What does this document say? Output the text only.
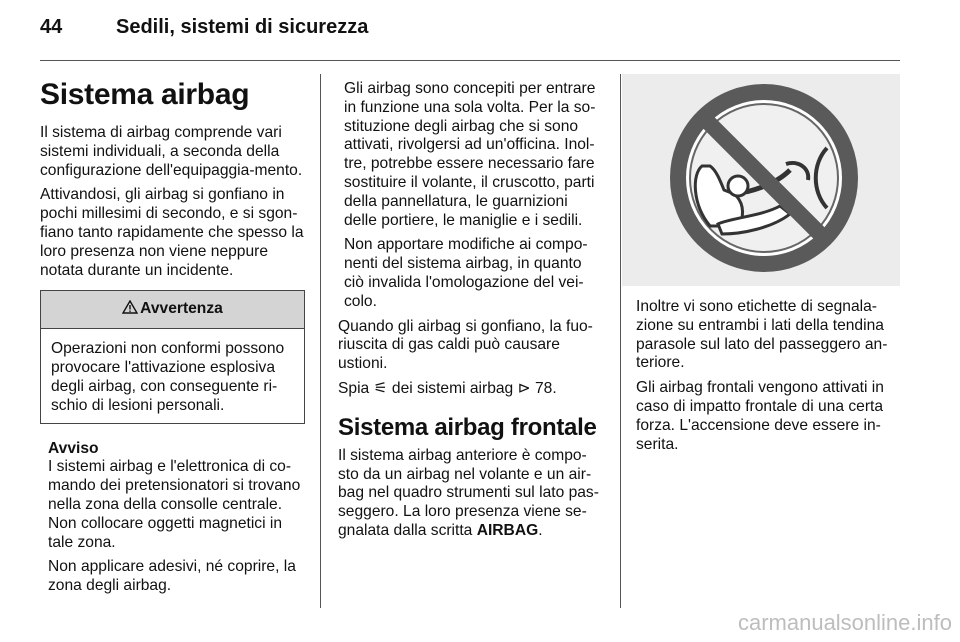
44	Sedili, sistemi di sicurezza
Sistema airbag

Il sistema di airbag comprende vari sistemi individuali, a seconda della configurazione dell'equipaggia-mento.

Attivandosi, gli airbag si gonfiano in pochi millesimi di secondo, e si sgon-fiano tanto rapidamente che spesso la loro presenza non viene neppure notata durante un incidente.

Avvertenza
Operazioni non conformi possono provocare l'attivazione esplosiva degli airbag, con conseguente ri-schio di lesioni personali.
Avviso

I sistemi airbag e l'elettronica di co-mando dei pretensionatori si trovano nella zona della consolle centrale. Non collocare oggetti magnetici in tale zona.

Non applicare adesivi, né coprire, la zona degli airbag.

Gli airbag sono concepiti per entrare in funzione una sola volta. Per la so-stituzione degli airbag che si sono attivati, rivolgersi ad un'officina. Inol-tre, potrebbe essere necessario fare sostituire il volante, il cruscotto, parti della pannellatura, le guarnizioni delle portiere, le maniglie e i sedili.

Non apportare modifiche ai compo-nenti del sistema airbag, in quanto ciò invalida l'omologazione del vei-colo.

Quando gli airbag si gonfiano, la fuo-riuscita di gas caldi può causare ustioni.

Spia ⚟ dei sistemi airbag ⊳ 78.

Sistema airbag frontale

Il sistema airbag anteriore è compo-sto da un airbag nel volante e un air-bag nel quadro strumenti sul lato pas-seggero. La loro presenza viene se-gnalata dalla scritta AIRBAG.

Inoltre vi sono etichette di segnala-zione su entrambi i lati della tendina parasole sul lato del passeggero an-teriore.

Gli airbag frontali vengono attivati in caso di impatto frontale di una certa forza. L'accensione deve essere in-serita.

carmanualsonline.info
